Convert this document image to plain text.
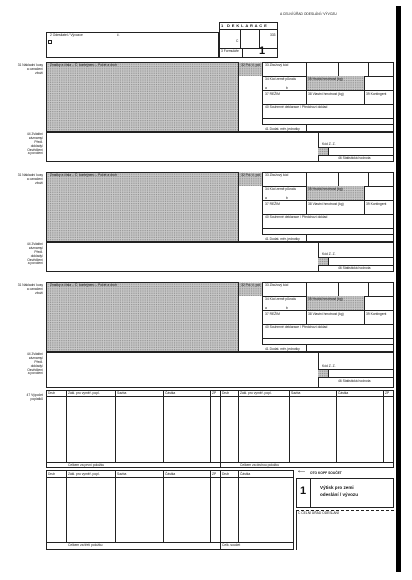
A CELNÍ ÚŘAD ODESLÁNÍ / VÝVOZU
1 D E K L A R A C E
C
333
3 Formuláře 1
2 Odesílatel / Vývozce	č.
31 Nákladní kusy
a označení
zboží
Značky a čísla – Č. kontejneru – Počet a druh	32 Pol. č. pol. 33 Zbožový kód
34 Kód země původu	35 Hrubá hmotnost (kg)
a	b
37 REŽIM	38 Vlastní hmotnost (kg)	39 Kontingent
40 Souhrnné deklarace / Předchozí doklad
41 Dodat. měr. jednotky
44 Zvláštní
záznamy/
Předl.
doklady/
Osvědčení
a povolení
Kód Z. Z.
46 Statistická hodnota
31 Nákladní kusy
a označení
zboží
Značky a čísla – Č. kontejneru – Počet a druh	32 Pol. č. pol. 33 Zbožový kód
34 Kód země původu	35 Hrubá hmotnost (kg)
a	b
37 REŽIM	38 Vlastní hmotnost (kg)	39 Kontingent
40 Souhrnné deklarace / Předchozí doklad
41 Dodat. měr. jednotky
44 Zvláštní
záznamy/
Předl.
doklady/
Osvědčení
a povolení
Kód Z. Z.
46 Statistická hodnota
31 Nákladní kusy
a označení
zboží
Značky a čísla – Č. kontejneru – Počet a druh	32 Pol. č. pol. 33 Zbožový kód
34 Kód země původu	35 Hrubá hmotnost (kg)
a	b
37 REŽIM	38 Vlastní hmotnost (kg)	39 Kontingent
40 Souhrnné deklarace / Předchozí doklad
41 Dodat. měr. jednotky
44 Zvláštní
záznamy/
Předl.
doklady/
Osvědčení
a povolení
Kód Z. Z.
46 Statistická hodnota
47 Výpočet
poplatků
Druh	Zákl. pro vyměř. popl.	Sazba	Částka	ZP
Celkem za první položku
Druh	Zákl. pro vyměř. popl.	Sazba	Částka	ZP
Celkem za druhou položku
Druh	Zákl. pro vyměř. popl.	Sazba	Částka	ZP Druh	Částka
Celkem za třetí položku	Celk. součet
OTO KOPF SOUČET
⟵
1	Výtisk pro zemi
odeslání / vývozu
C CELNÍ ÚŘAD ODESLÁNÍ
